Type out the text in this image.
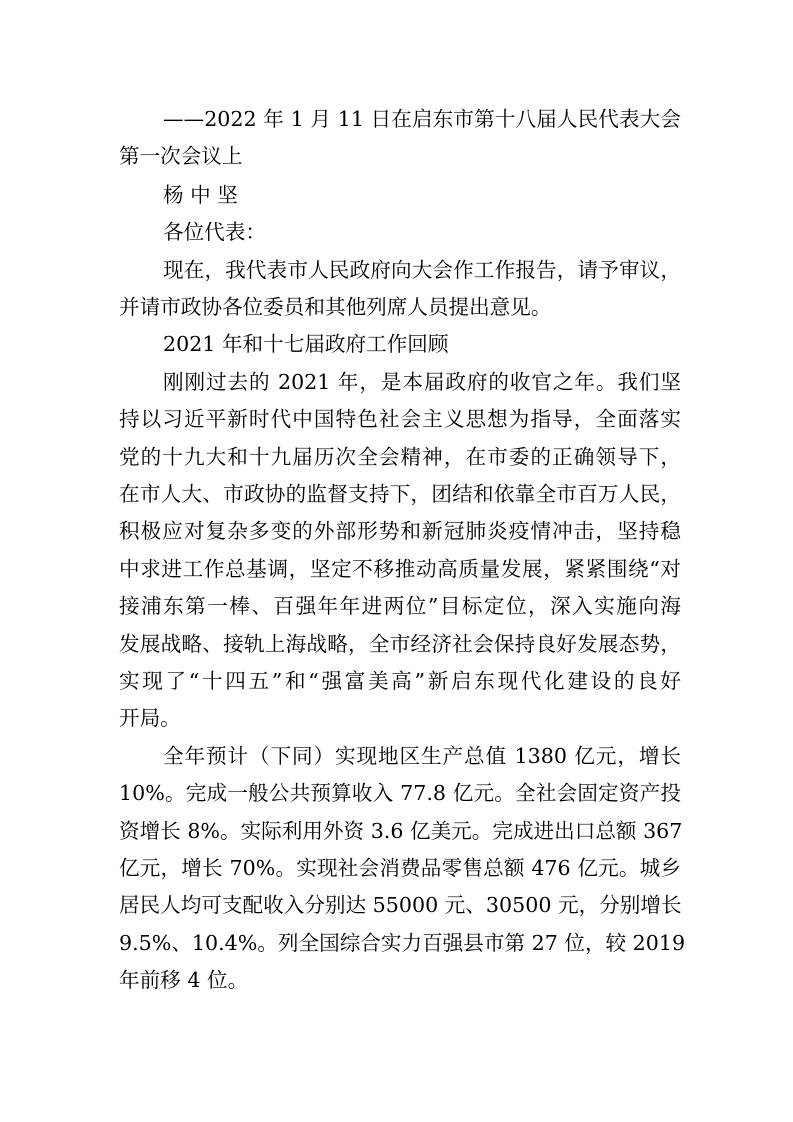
——2022 年 1 月 11 日在启东市第十八届人民代表大会
第一次会议上
杨 中 坚
各位代表：
现在，我代表市人民政府向大会作工作报告，请予审议，
并请市政协各位委员和其他列席人员提出意见。
2021 年和十七届政府工作回顾
刚刚过去的 2021 年，是本届政府的收官之年。我们坚
持以习近平新时代中国特色社会主义思想为指导，全面落实
党的十九大和十九届历次全会精神，在市委的正确领导下，
在市人大、市政协的监督支持下，团结和依靠全市百万人民，
积极应对复杂多变的外部形势和新冠肺炎疫情冲击，坚持稳
中求进工作总基调，坚定不移推动高质量发展，紧紧围绕“对
接浦东第一棒、百强年年进两位”目标定位，深入实施向海
发展战略、接轨上海战略，全市经济社会保持良好发展态势，
实现了“十四五”和“强富美高”新启东现代化建设的良好
开局。
全年预计（下同）实现地区生产总值 1380 亿元，增长
10%。完成一般公共预算收入 77.8 亿元。全社会固定资产投
资增长 8%。实际利用外资 3.6 亿美元。完成进出口总额 367
亿元，增长 70%。实现社会消费品零售总额 476 亿元。城乡
居民人均可支配收入分别达 55000 元、30500 元，分别增长
9.5%、10.4%。列全国综合实力百强县市第 27 位，较 2019
年前移 4 位。
